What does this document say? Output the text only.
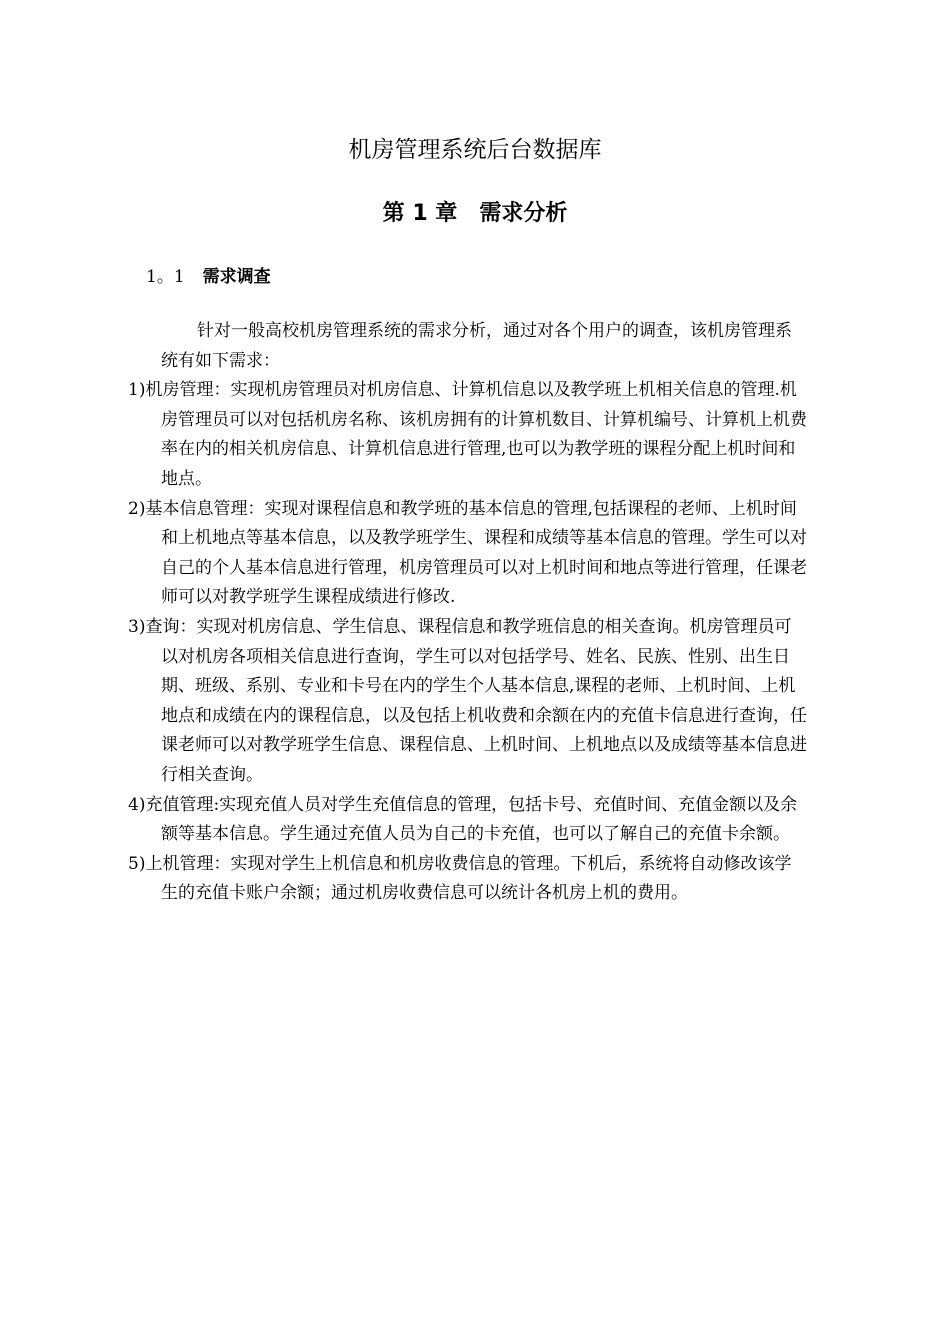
机房管理系统后台数据库
第 1 章 需求分析
1。1 需求调查

针对一般高校机房管理系统的需求分析，通过对各个用户的调查，该机房管理系统有如下需求：

1)机房管理：实现机房管理员对机房信息、计算机信息以及教学班上机相关信息的管理.机房管理员可以对包括机房名称、该机房拥有的计算机数目、计算机编号、计算机上机费率在内的相关机房信息、计算机信息进行管理,也可以为教学班的课程分配上机时间和地点。
2)基本信息管理：实现对课程信息和教学班的基本信息的管理,包括课程的老师、上机时间和上机地点等基本信息，以及教学班学生、课程和成绩等基本信息的管理。学生可以对自己的个人基本信息进行管理，机房管理员可以对上机时间和地点等进行管理，任课老师可以对教学班学生课程成绩进行修改.
3)查询：实现对机房信息、学生信息、课程信息和教学班信息的相关查询。机房管理员可以对机房各项相关信息进行查询，学生可以对包括学号、姓名、民族、性别、出生日期、班级、系别、专业和卡号在内的学生个人基本信息,课程的老师、上机时间、上机地点和成绩在内的课程信息，以及包括上机收费和余额在内的充值卡信息进行查询，任课老师可以对教学班学生信息、课程信息、上机时间、上机地点以及成绩等基本信息进行相关查询。
4)充值管理:实现充值人员对学生充值信息的管理，包括卡号、充值时间、充值金额以及余额等基本信息。学生通过充值人员为自己的卡充值，也可以了解自己的充值卡余额。
5)上机管理：实现对学生上机信息和机房收费信息的管理。下机后，系统将自动修改该学生的充值卡账户余额；通过机房收费信息可以统计各机房上机的费用。
